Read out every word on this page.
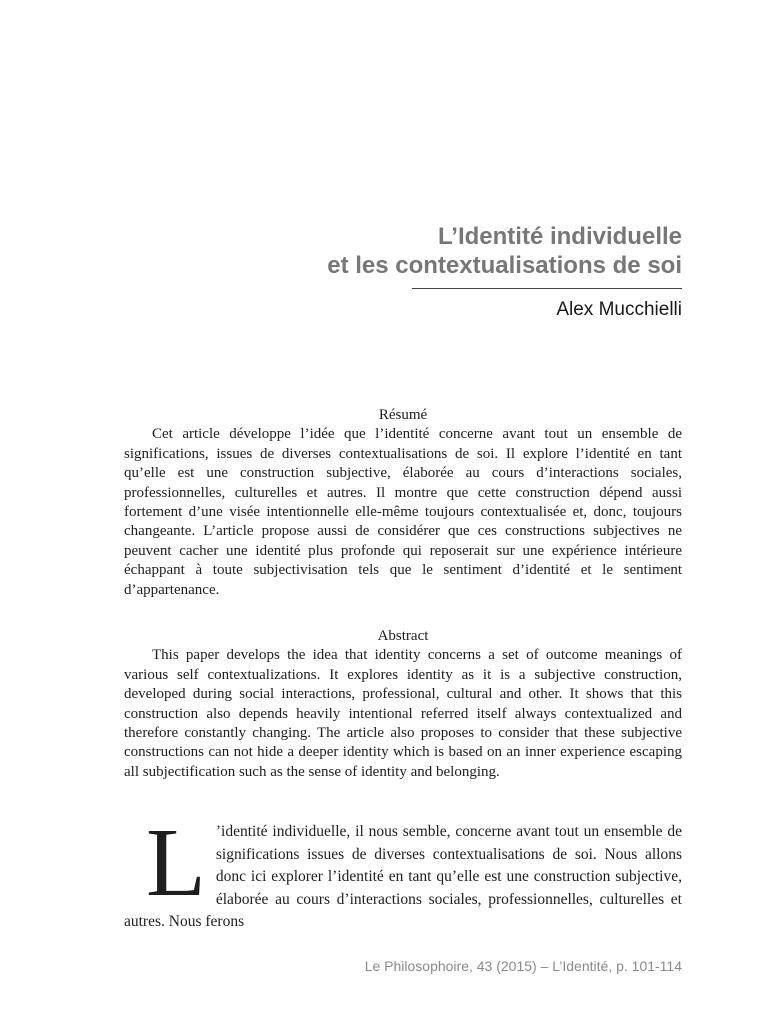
L’Identité individuelle
et les contextualisations de soi
Alex Mucchielli
Résumé

Cet article développe l’idée que l’identité concerne avant tout un ensemble de significations, issues de diverses contextualisations de soi. Il explore l’identité en tant qu’elle est une construction subjective, élaborée au cours d’interactions sociales, professionnelles, culturelles et autres. Il montre que cette construction dépend aussi fortement d’une visée intentionnelle elle-même toujours contextualisée et, donc, toujours changeante. L’article propose aussi de considérer que ces constructions subjectives ne peuvent cacher une identité plus profonde qui reposerait sur une expérience intérieure échappant à toute subjectivisation tels que le sentiment d’identité et le sentiment d’appartenance.

Abstract

This paper develops the idea that identity concerns a set of outcome meanings of various self contextualizations. It explores identity as it is a subjective construction, developed during social interactions, professional, cultural and other. It shows that this construction also depends heavily intentional referred itself always contextualized and therefore constantly changing. The article also proposes to consider that these subjective constructions can not hide a deeper identity which is based on an inner experience escaping all subjectification such as the sense of identity and belonging.

L ’identité individuelle, il nous semble, concerne avant tout un ensemble de significations issues de diverses contextualisations de soi. Nous allons donc ici explorer l’identité en tant qu’elle est une construction subjective, élaborée au cours d’interactions sociales, professionnelles, culturelles et autres. Nous ferons
Le Philosophoire, 43 (2015) – L’Identité, p. 101-114
